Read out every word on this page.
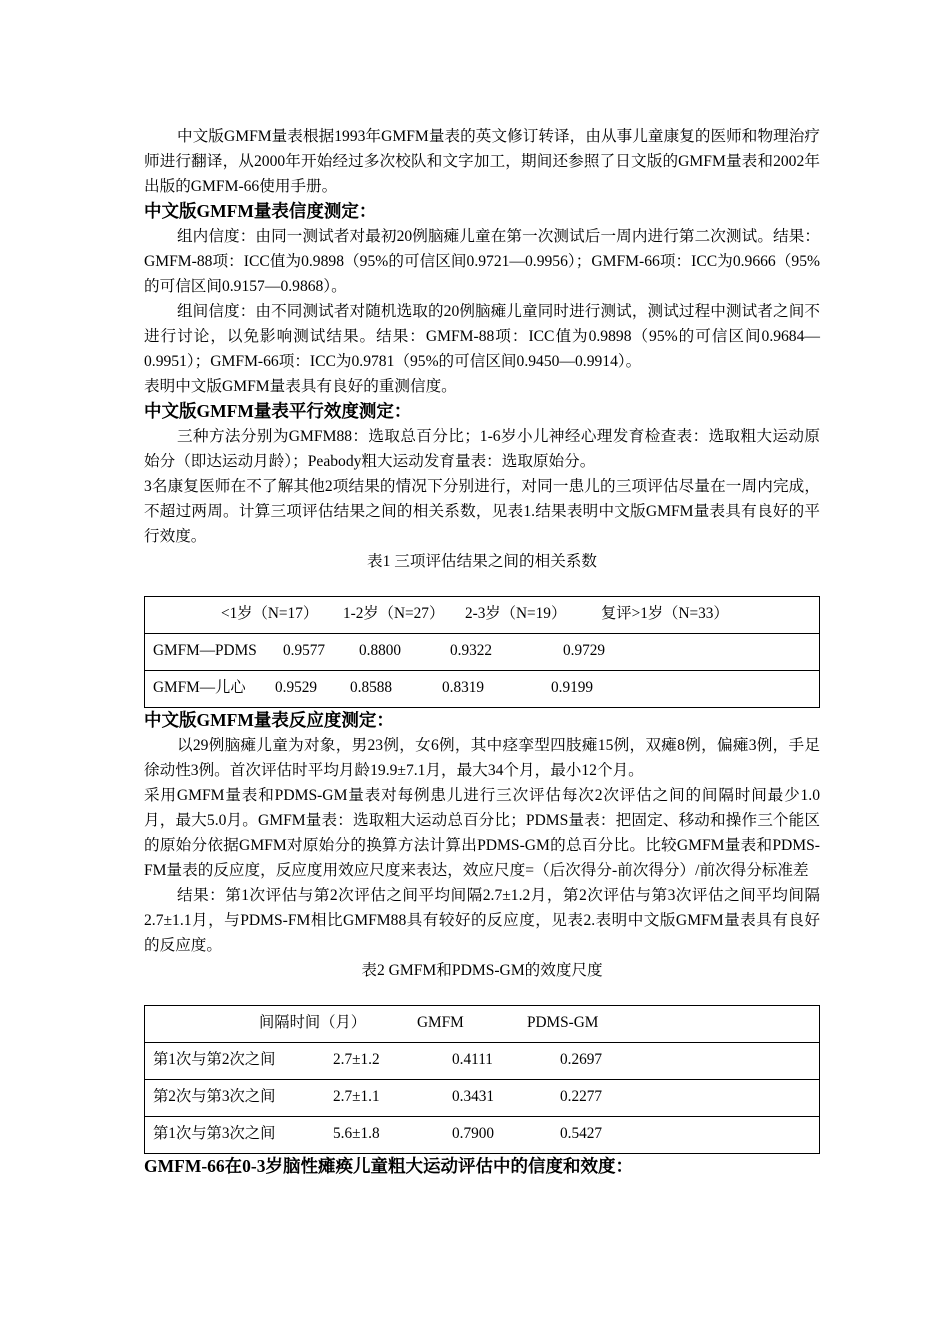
中文版GMFM量表根据1993年GMFM量表的英文修订转译，由从事儿童康复的医师和物理治疗师进行翻译，从2000年开始经过多次校队和文字加工，期间还参照了日文版的GMFM量表和2002年出版的GMFM-66使用手册。

中文版GMFM量表信度测定：

组内信度：由同一测试者对最初20例脑瘫儿童在第一次测试后一周内进行第二次测试。结果：GMFM-88项：ICC值为0.9898（95%的可信区间0.9721—0.9956）；GMFM-66项：ICC为0.9666（95%的可信区间0.9157—0.9868）。

组间信度：由不同测试者对随机选取的20例脑瘫儿童同时进行测试，测试过程中测试者之间不进行讨论，以免影响测试结果。结果：GMFM-88项：ICC值为0.9898（95%的可信区间0.9684—0.9951）；GMFM-66项：ICC为0.9781（95%的可信区间0.9450—0.9914）。

表明中文版GMFM量表具有良好的重测信度。

中文版GMFM量表平行效度测定：

三种方法分别为GMFM88：选取总百分比；1-6岁小儿神经心理发育检查表：选取粗大运动原始分（即达运动月龄）；Peabody粗大运动发育量表：选取原始分。

3名康复医师在不了解其他2项结果的情况下分别进行，对同一患儿的三项评估尽量在一周内完成，不超过两周。计算三项评估结果之间的相关系数，见表1.结果表明中文版GMFM量表具有良好的平行效度。

表1 三项评估结果之间的相关系数
<1岁（N=17） 1-2岁（N=27） 2-3岁（N=19） 复评>1岁（N=33）
GMFM—PDMS 0.9577 0.8800	0.9322	0.9729
GMFM—儿心 0.9529 0.8588	0.8319	0.9199
中文版GMFM量表反应度测定：

以29例脑瘫儿童为对象，男23例，女6例，其中痉挛型四肢瘫15例，双瘫8例，偏瘫3例，手足徐动性3例。首次评估时平均月龄19.9±7.1月，最大34个月，最小12个月。

采用GMFM量表和PDMS-GM量表对每例患儿进行三次评估每次2次评估之间的间隔时间最少1.0月，最大5.0月。GMFM量表：选取粗大运动总百分比；PDMS量表：把固定、移动和操作三个能区的原始分依据GMFM对原始分的换算方法计算出PDMS-GM的总百分比。比较GMFM量表和PDMS-FM量表的反应度，反应度用效应尺度来表达，效应尺度=（后次得分-前次得分）/前次得分标准差

结果：第1次评估与第2次评估之间平均间隔2.7±1.2月，第2次评估与第3次评估之间平均间隔2.7±1.1月，与PDMS-FM相比GMFM88具有较好的反应度，见表2.表明中文版GMFM量表具有良好的反应度。

表2 GMFM和PDMS-GM的效度尺度
间隔时间（月）	GMFM	PDMS-GM
第1次与第2次之间	2.7±1.2	0.4111	0.2697
第2次与第3次之间	2.7±1.1	0.3431	0.2277
第1次与第3次之间	5.6±1.8	0.7900	0.5427
GMFM-66在0-3岁脑性瘫痪儿童粗大运动评估中的信度和效度：
